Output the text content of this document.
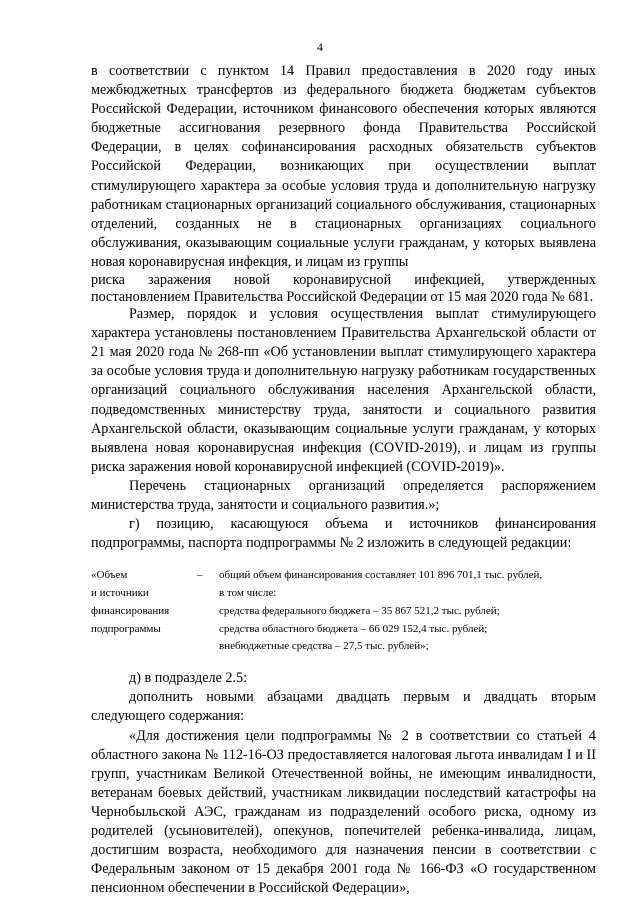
4

в соответствии с пунктом 14 Правил предоставления в 2020 году иных межбюджетных трансфертов из федерального бюджета бюджетам субъектов Российской Федерации, источником финансового обеспечения которых являются бюджетные ассигнования резервного фонда Правительства Российской Федерации, в целях софинансирования расходных обязательств субъектов Российской Федерации, возникающих при осуществлении выплат стимулирующего характера за особые условия труда и дополнительную нагрузку работникам стационарных организаций социального обслуживания, стационарных отделений, созданных не в стационарных организациях социального обслуживания, оказывающим социальные услуги гражданам, у которых выявлена новая коронавирусная инфекция, и лицам из группы

риска заражения новой коронавирусной инфекцией, утвержденных постановлением Правительства Российской Федерации от 15 мая 2020 года № 681.

Размер, порядок и условия осуществления выплат стимулирующего характера установлены постановлением Правительства Архангельской области от 21 мая 2020 года № 268-пп «Об установлении выплат стимулирующего характера за особые условия труда и дополнительную нагрузку работникам государственных организаций социального обслуживания населения Архангельской области, подведомственных министерству труда, занятости и социального развития Архангельской области, оказывающим социальные услуги гражданам, у которых выявлена новая коронавирусная инфекция (COVID-2019), и лицам из группы риска заражения новой коронавирусной инфекцией (COVID-2019)».

Перечень стационарных организаций определяется распоряжением министерства труда, занятости и социального развития.»;

г) позицию, касающуюся объема и источников финансирования подпрограммы, паспорта подпрограммы № 2 изложить в следующей редакции:

«Объем
и источники
финансирования
подпрограммы
–	общий объем финансирования составляет 101 896 701,1 тыс. рублей,
в том числе:
средства федерального бюджета – 35 867 521,2 тыс. рублей;
средства областного бюджета – 66 029 152,4 тыс. рублей;
внебюджетные средства – 27,5 тыс. рублей»;

д) в подразделе 2.5:

дополнить новыми абзацами двадцать первым и двадцать вторым следующего содержания:

«Для достижения цели подпрограммы № 2 в соответствии со статьей 4 областного закона № 112-16-ОЗ предоставляется налоговая льгота инвалидам I и II групп, участникам Великой Отечественной войны, не имеющим инвалидности, ветеранам боевых действий, участникам ликвидации последствий катастрофы на Чернобыльской АЭС, гражданам из подразделений особого риска, одному из родителей (усыновителей), опекунов, попечителей ребенка-инвалида, лицам, достигшим возраста, необходимого для назначения пенсии в соответствии с Федеральным законом от 15 декабря 2001 года № 166-ФЗ «О государственном пенсионном обеспечении в Российской Федерации»,
